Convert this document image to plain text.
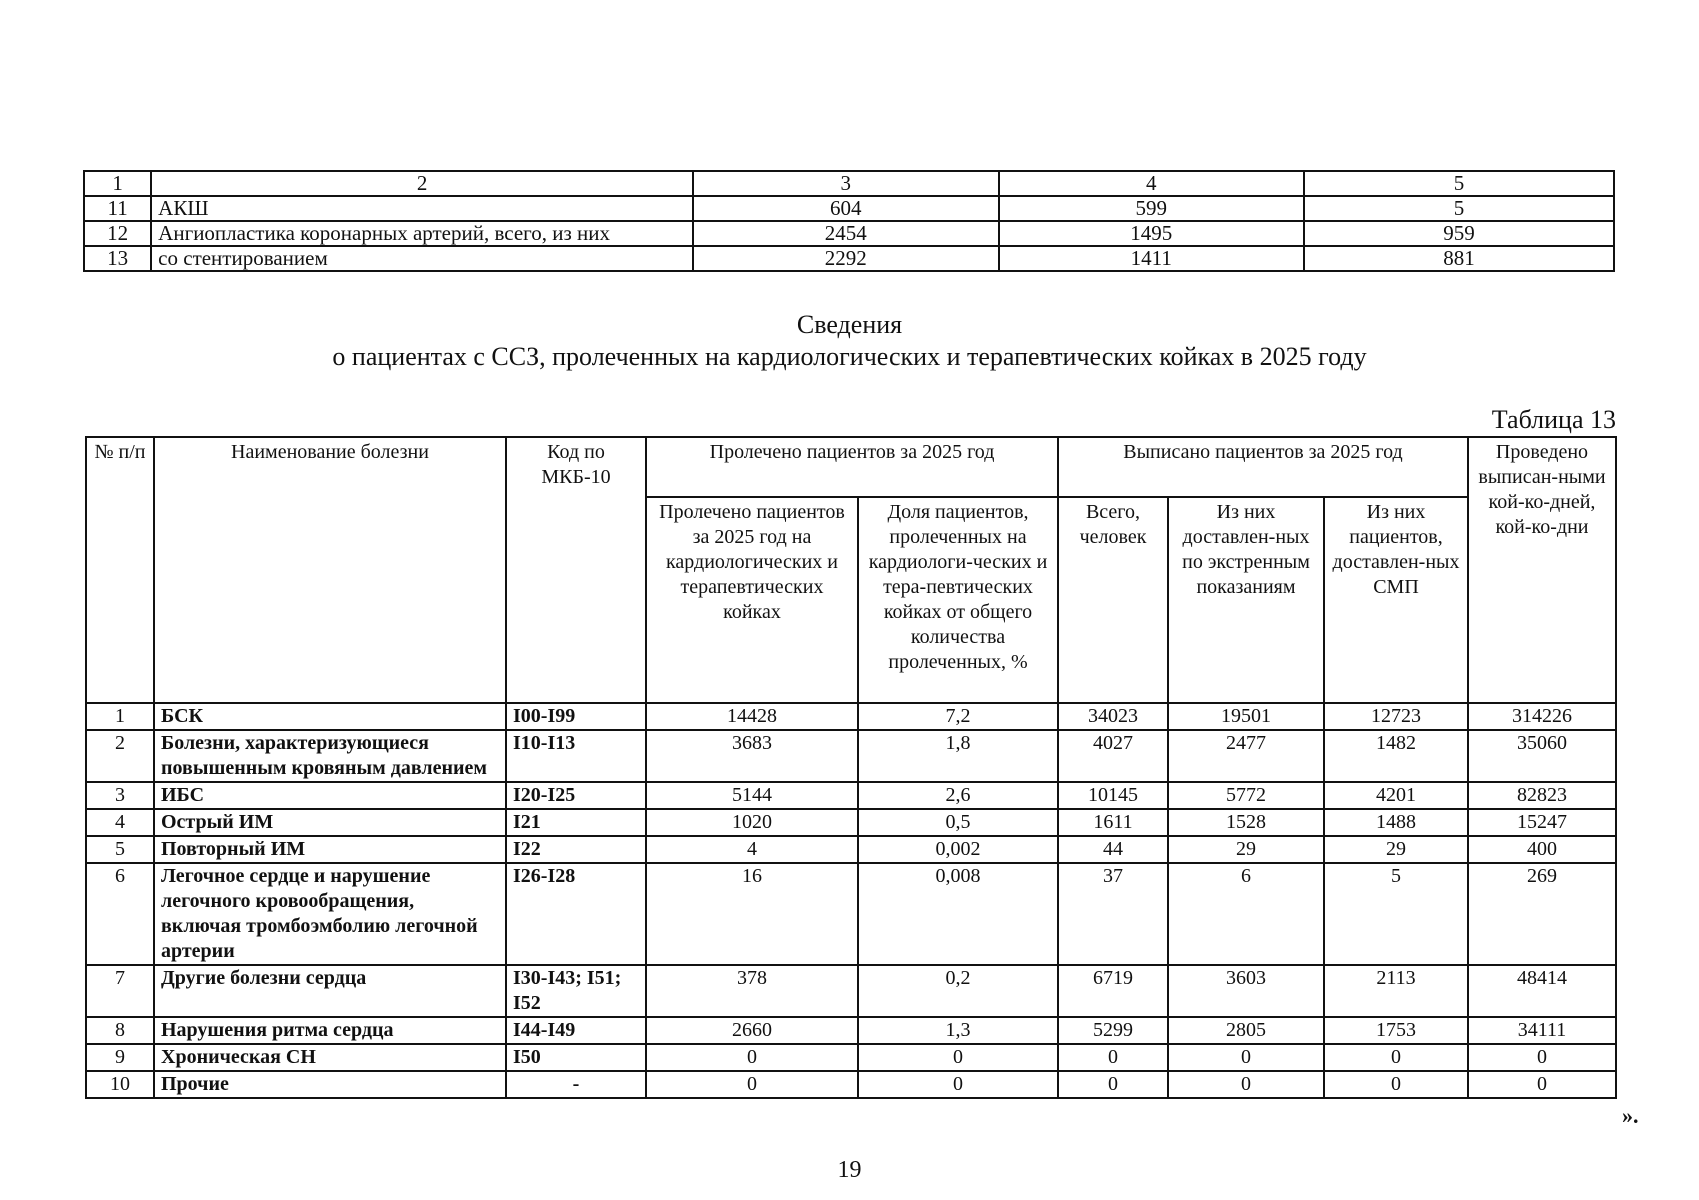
1	2	3	4	5
11	АКШ	604	599	5
12	Ангиопластика коронарных артерий, всего, из них	2454	1495	959
13	со стентированием	2292	1411	881
Сведения
о пациентах с ССЗ, пролеченных на кардиологических и терапевтических койках в 2025 году
Таблица 13
№ п/п	Наименование болезни	Код по МКБ-10	Пролечено пациентов за 2025 год		Выписано пациентов за 2025 год			Проведено выписан-ными кой-ко-дней, кой-ко-дни
			Пролечено пациентов за 2025 год на кардиологических и терапевтических койках	Доля пациентов, пролеченных на кардиологи-ческих и тера-певтических койках от общего количества пролеченных, %	Всего, человек	Из них доставлен-ных по экстренным показаниям	Из них пациентов, доставлен-ных СМП	
1	БСК	I00-I99	14428	7,2	34023	19501	12723	314226
2	Болезни, характеризующиеся повышенным кровяным давлением	I10-I13	3683	1,8	4027	2477	1482	35060
3	ИБС	I20-I25	5144	2,6	10145	5772	4201	82823
4	Острый ИМ	I21	1020	0,5	1611	1528	1488	15247
5	Повторный ИМ	I22	4	0,002	44	29	29	400
6	Легочное сердце и нарушение легочного кровообращения, включая тромбоэмболию легочной артерии	I26-I28	16	0,008	37	6	5	269
7	Другие болезни сердца	I30-I43; I51; I52	378	0,2	6719	3603	2113	48414
8	Нарушения ритма сердца	I44-I49	2660	1,3	5299	2805	1753	34111
9	Хроническая СН	I50	0	0	0	0	0	0
10	Прочие	-	0	0	0	0	0	0
».
19
